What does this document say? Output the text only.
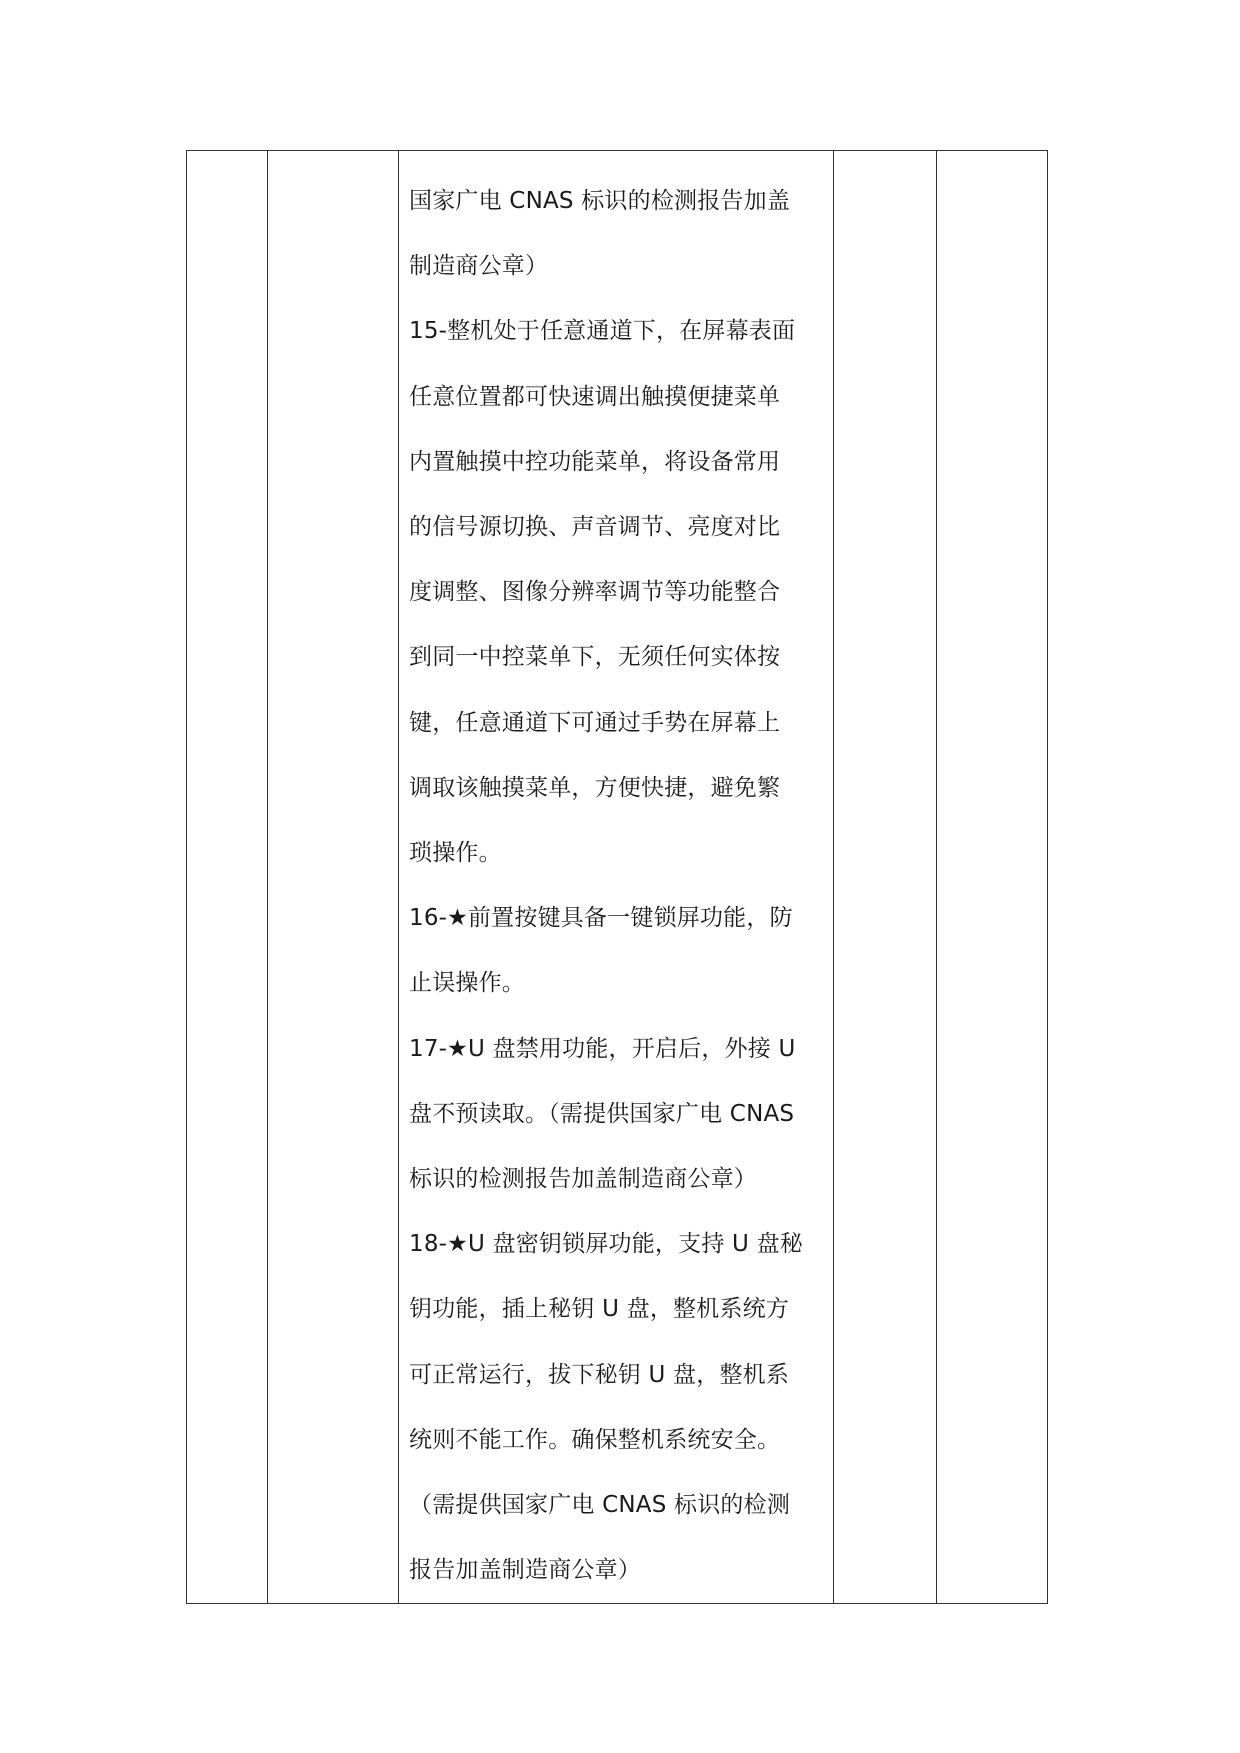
国家广电 CNAS 标识的检测报告加盖
制造商公章）
15-整机处于任意通道下，在屏幕表面
任意位置都可快速调出触摸便捷菜单
内置触摸中控功能菜单，将设备常用
的信号源切换、声音调节、亮度对比
度调整、图像分辨率调节等功能整合
到同一中控菜单下，无须任何实体按
键，任意通道下可通过手势在屏幕上
调取该触摸菜单，方便快捷，避免繁
琐操作。
16-★前置按键具备一键锁屏功能，防
止误操作。
17-★U 盘禁用功能，开启后，外接 U
盘不预读取。（需提供国家广电 CNAS
标识的检测报告加盖制造商公章）
18-★U 盘密钥锁屏功能，支持 U 盘秘
钥功能，插上秘钥 U 盘，整机系统方
可正常运行，拔下秘钥 U 盘，整机系
统则不能工作。确保整机系统安全。
（需提供国家广电 CNAS 标识的检测
报告加盖制造商公章）
